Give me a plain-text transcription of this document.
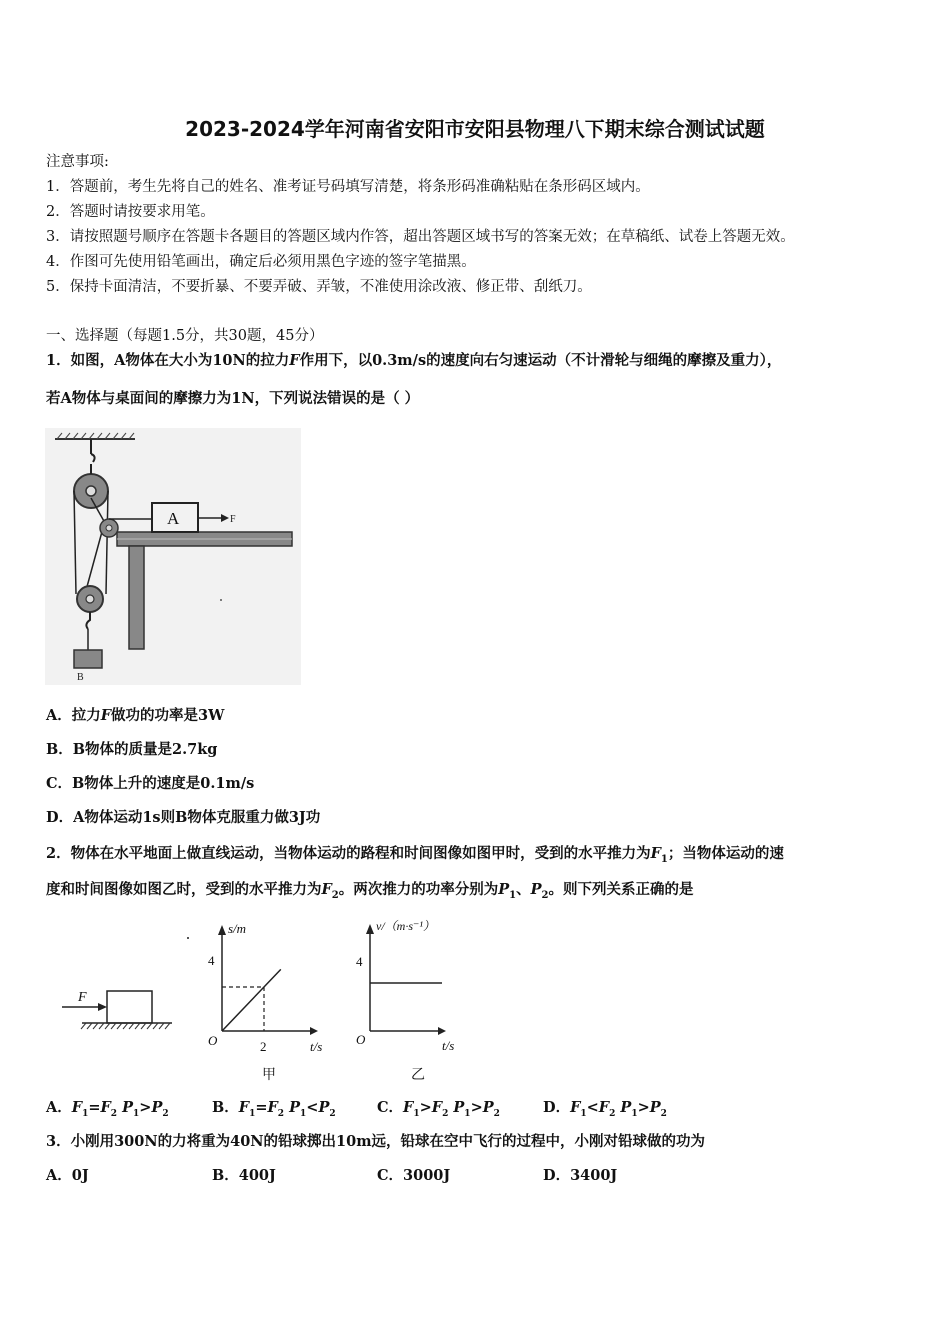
2023-2024学年河南省安阳市安阳县物理八下期末综合测试试题
注意事项:
1．答题前，考生先将自己的姓名、准考证号码填写清楚，将条形码准确粘贴在条形码区域内。
2．答题时请按要求用笔。
3．请按照题号顺序在答题卡各题目的答题区域内作答，超出答题区域书写的答案无效；在草稿纸、试卷上答题无效。
4．作图可先使用铅笔画出，确定后必须用黑色字迹的签字笔描黑。
5．保持卡面清洁，不要折暴、不要弄破、弄皱，不准使用涂改液、修正带、刮纸刀。
一、选择题（每题1.5分，共30题，45分）
1．如图，A物体在大小为10N的拉力F作用下，以0.3m/s的速度向右匀速运动（不计滑轮与细绳的摩擦及重力），
若A物体与桌面间的摩擦力为1N，下列说法错误的是（ ）
B
A	F
A．拉力F做功的功率是3W
B．B物体的质量是2.7kg
C．B物体上升的速度是0.1m/s
D．A物体运动1s则B物体克服重力做3J功
2．物体在水平地面上做直线运动，当物体运动的路程和时间图像如图甲时，受到的水平推力为$F_1$；当物体运动的速
度和时间图像如图乙时，受到的水平推力为$F_2$。两次推力的功率分别为$P_1$、$P_2$。则下列关系正确的是
F
s/m
t/s
O
4
2
甲
v/（m·s⁻¹）
t/s
O
4
乙
A．$F_1=F_2$ $P_1>P_2$	B．$F_1=F_2$ $P_1<P_2$	C．$F_1>F_2$ $P_1>P_2$	D．$F_1<F_2$ $P_1>P_2$
3．小刚用300N的力将重为40N的铅球掷出10m远，铅球在空中飞行的过程中，小刚对铅球做的功为
A．0J	B．400J	C．3000J	D．3400J
